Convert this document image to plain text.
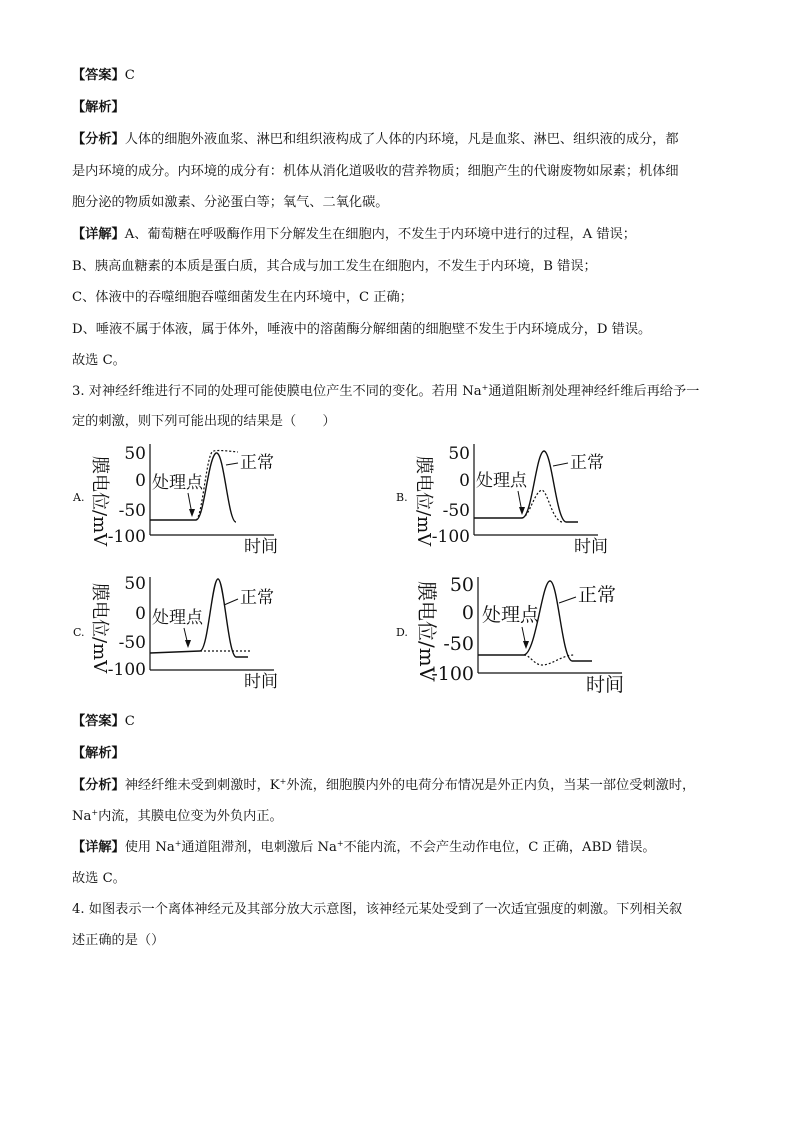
【答案】C
【解析】
【分析】人体的细胞外液血浆、淋巴和组织液构成了人体的内环境，凡是血浆、淋巴、组织液的成分，都
是内环境的成分。内环境的成分有：机体从消化道吸收的营养物质；细胞产生的代谢废物如尿素；机体细
胞分泌的物质如激素、分泌蛋白等；氧气、二氧化碳。
【详解】A、葡萄糖在呼吸酶作用下分解发生在细胞内，不发生于内环境中进行的过程，A 错误；
B、胰高血糖素的本质是蛋白质，其合成与加工发生在细胞内，不发生于内环境，B 错误；
C、体液中的吞噬细胞吞噬细菌发生在内环境中，C 正确；
D、唾液不属于体液，属于体外，唾液中的溶菌酶分解细菌的细胞壁不发生于内环境成分，D 错误。
故选 C。
3. 对神经纤维进行不同的处理可能使膜电位产生不同的变化。若用 Na+通道阻断剂处理神经纤维后再给予一
定的刺激，则下列可能出现的结果是（　　）
A.	B.
C.	D.
膜电位/mV
50
0
-50
-100
处理点
正常
时间
膜电位/mV
50
0
-50
-100
处理点
正常
时间
膜电位/mV 50
0
-50
-100
处理点
正常
时间
膜电位/mV 50
0
-50
-100
处理点
正常
时间
【答案】C
【解析】
【分析】神经纤维未受到刺激时，K+外流，细胞膜内外的电荷分布情况是外正内负，当某一部位受刺激时，
Na+内流，其膜电位变为外负内正。
【详解】使用 Na+通道阻滞剂，电刺激后 Na+不能内流，不会产生动作电位，C 正确，ABD 错误。
故选 C。
4. 如图表示一个离体神经元及其部分放大示意图，该神经元某处受到了一次适宜强度的刺激。下列相关叙
述正确的是（）
